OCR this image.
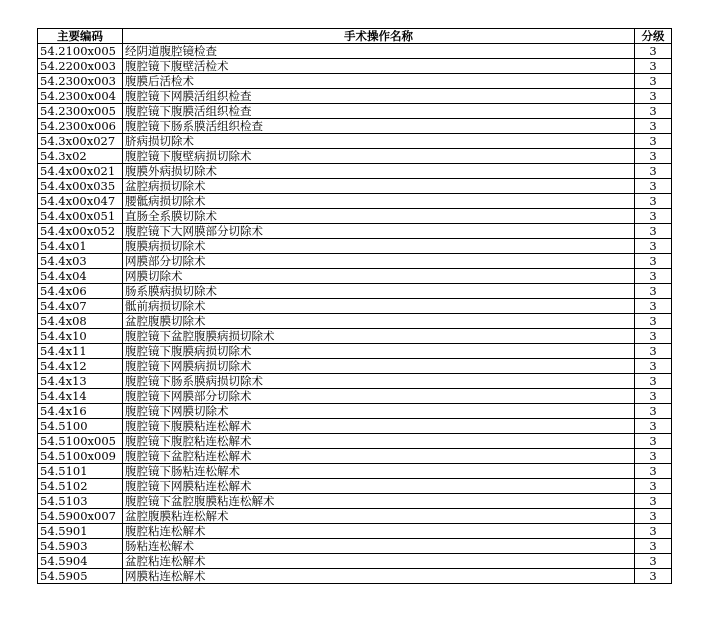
主要编码	手术操作名称	分级
54.2100x005	经阴道腹腔镜检查	3
54.2200x003	腹腔镜下腹壁活检术	3
54.2300x003	腹膜后活检术	3
54.2300x004	腹腔镜下网膜活组织检查	3
54.2300x005	腹腔镜下腹膜活组织检查	3
54.2300x006	腹腔镜下肠系膜活组织检查	3
54.3x00x027	脐病损切除术	3
54.3x02	腹腔镜下腹壁病损切除术	3
54.4x00x021	腹膜外病损切除术	3
54.4x00x035	盆腔病损切除术	3
54.4x00x047	腰骶病损切除术	3
54.4x00x051	直肠全系膜切除术	3
54.4x00x052	腹腔镜下大网膜部分切除术	3
54.4x01	腹膜病损切除术	3
54.4x03	网膜部分切除术	3
54.4x04	网膜切除术	3
54.4x06	肠系膜病损切除术	3
54.4x07	骶前病损切除术	3
54.4x08	盆腔腹膜切除术	3
54.4x10	腹腔镜下盆腔腹膜病损切除术	3
54.4x11	腹腔镜下腹膜病损切除术	3
54.4x12	腹腔镜下网膜病损切除术	3
54.4x13	腹腔镜下肠系膜病损切除术	3
54.4x14	腹腔镜下网膜部分切除术	3
54.4x16	腹腔镜下网膜切除术	3
54.5100	腹腔镜下腹膜粘连松解术	3
54.5100x005	腹腔镜下腹腔粘连松解术	3
54.5100x009	腹腔镜下盆腔粘连松解术	3
54.5101	腹腔镜下肠粘连松解术	3
54.5102	腹腔镜下网膜粘连松解术	3
54.5103	腹腔镜下盆腔腹膜粘连松解术	3
54.5900x007	盆腔腹膜粘连松解术	3
54.5901	腹腔粘连松解术	3
54.5903	肠粘连松解术	3
54.5904	盆腔粘连松解术	3
54.5905	网膜粘连松解术	3
